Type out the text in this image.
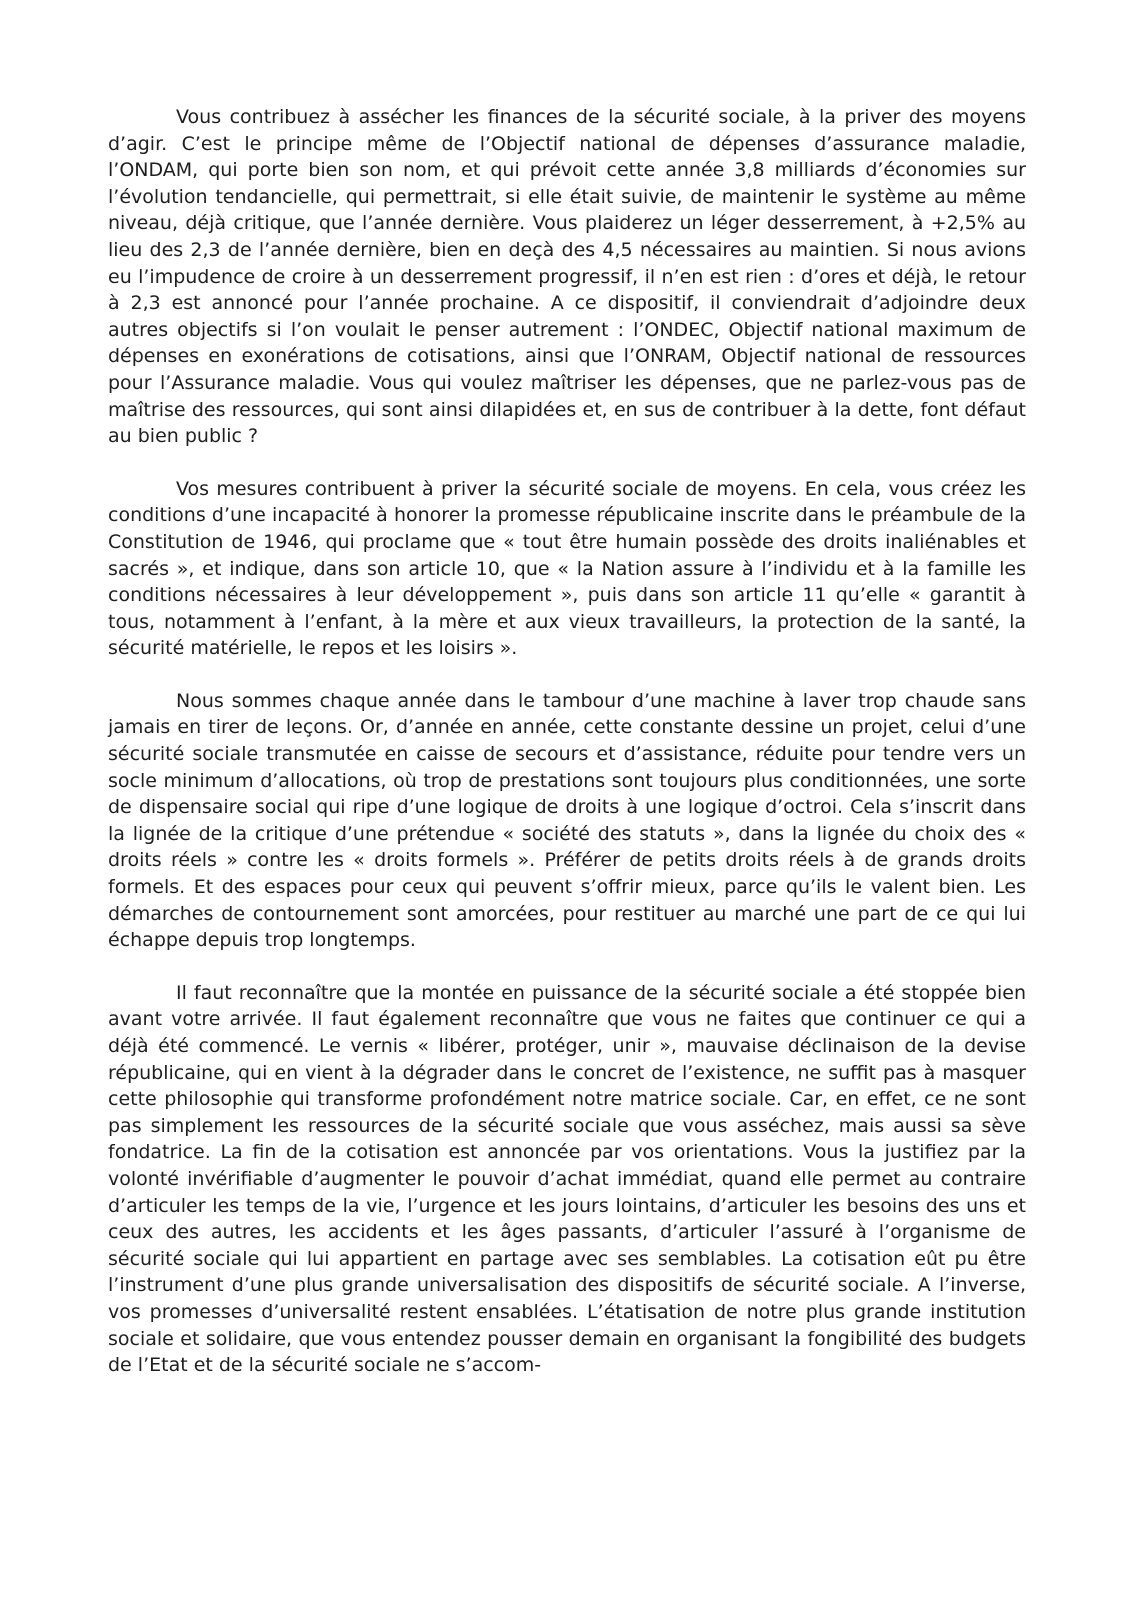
Vous contribuez à assécher les finances de la sécurité sociale, à la priver des moyens d’agir. C’est le principe même de l’Objectif national de dépenses d’assurance maladie, l’ONDAM, qui porte bien son nom, et qui prévoit cette année 3,8 milliards d’économies sur l’évolution tendancielle, qui permettrait, si elle était suivie, de maintenir le système au même niveau, déjà critique, que l’année dernière. Vous plaiderez un léger desserrement, à +2,5% au lieu des 2,3 de l’année dernière, bien en deçà des 4,5 nécessaires au maintien. Si nous avions eu l’impudence de croire à un desserrement progressif, il n’en est rien : d’ores et déjà, le retour à 2,3 est annoncé pour l’année prochaine. A ce dispositif, il conviendrait d’adjoindre deux autres objectifs si l’on voulait le penser autrement : l’ONDEC, Objectif national maximum de dépenses en exonérations de cotisations, ainsi que l’ONRAM, Objectif national de ressources pour l’Assurance maladie. Vous qui voulez maîtriser les dépenses, que ne parlez-vous pas de maîtrise des ressources, qui sont ainsi dilapidées et, en sus de contribuer à la dette, font défaut au bien public ?

Vos mesures contribuent à priver la sécurité sociale de moyens. En cela, vous créez les conditions d’une incapacité à honorer la promesse républicaine inscrite dans le préambule de la Constitution de 1946, qui proclame que « tout être humain possède des droits inaliénables et sacrés », et indique, dans son article 10, que « la Nation assure à l’individu et à la famille les conditions nécessaires à leur développement », puis dans son article 11 qu’elle « garantit à tous, notamment à l’enfant, à la mère et aux vieux travailleurs, la protection de la santé, la sécurité matérielle, le repos et les loisirs ».

Nous sommes chaque année dans le tambour d’une machine à laver trop chaude sans jamais en tirer de leçons. Or, d’année en année, cette constante dessine un projet, celui d’une sécurité sociale transmutée en caisse de secours et d’assistance, réduite pour tendre vers un socle minimum d’allocations, où trop de prestations sont toujours plus conditionnées, une sorte de dispensaire social qui ripe d’une logique de droits à une logique d’octroi. Cela s’inscrit dans la lignée de la critique d’une prétendue « société des statuts », dans la lignée du choix des « droits réels » contre les « droits formels ». Préférer de petits droits réels à de grands droits formels. Et des espaces pour ceux qui peuvent s’offrir mieux, parce qu’ils le valent bien. Les démarches de contournement sont amorcées, pour restituer au marché une part de ce qui lui échappe depuis trop longtemps.

Il faut reconnaître que la montée en puissance de la sécurité sociale a été stoppée bien avant votre arrivée. Il faut également reconnaître que vous ne faites que continuer ce qui a déjà été commencé. Le vernis « libérer, protéger, unir », mauvaise déclinaison de la devise républicaine, qui en vient à la dégrader dans le concret de l’existence, ne suffit pas à masquer cette philosophie qui transforme profondément notre matrice sociale. Car, en effet, ce ne sont pas simplement les ressources de la sécurité sociale que vous asséchez, mais aussi sa sève fondatrice. La fin de la cotisation est annoncée par vos orientations. Vous la justifiez par la volonté invérifiable d’augmenter le pouvoir d’achat immédiat, quand elle permet au contraire d’articuler les temps de la vie, l’urgence et les jours lointains, d’articuler les besoins des uns et ceux des autres, les accidents et les âges passants, d’articuler l’assuré à l’organisme de sécurité sociale qui lui appartient en partage avec ses semblables. La cotisation eût pu être l’instrument d’une plus grande universalisation des dispositifs de sécurité sociale. A l’inverse, vos promesses d’universalité restent ensablées. L’étatisation de notre plus grande institution sociale et solidaire, que vous entendez pousser demain en organisant la fongibilité des budgets de l’Etat et de la sécurité sociale ne s’accom-
